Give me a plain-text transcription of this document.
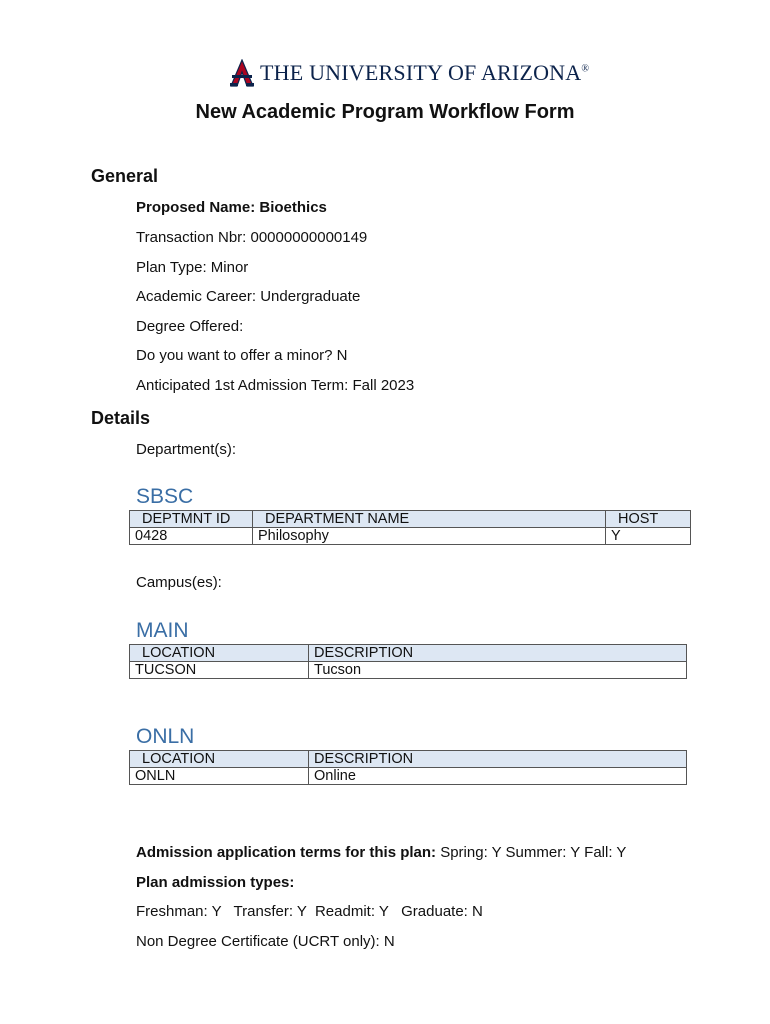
THE UNIVERSITY OF ARIZONA®
New Academic Program Workflow Form
General
Proposed Name: Bioethics
Transaction Nbr: 00000000000149
Plan Type: Minor
Academic Career: Undergraduate
Degree Offered:
Do you want to offer a minor? N
Anticipated 1st Admission Term: Fall 2023
Details
Department(s):
SBSC
DEPTMNT ID	DEPARTMENT NAME	HOST
0428	Philosophy	Y
Campus(es):
MAIN
LOCATION	DESCRIPTION
TUCSON	Tucson
ONLN
LOCATION	DESCRIPTION
ONLN	Online
Admission application terms for this plan: Spring: Y Summer: Y Fall: Y
Plan admission types:
Freshman: Y   Transfer: Y  Readmit: Y   Graduate: N
Non Degree Certificate (UCRT only): N
